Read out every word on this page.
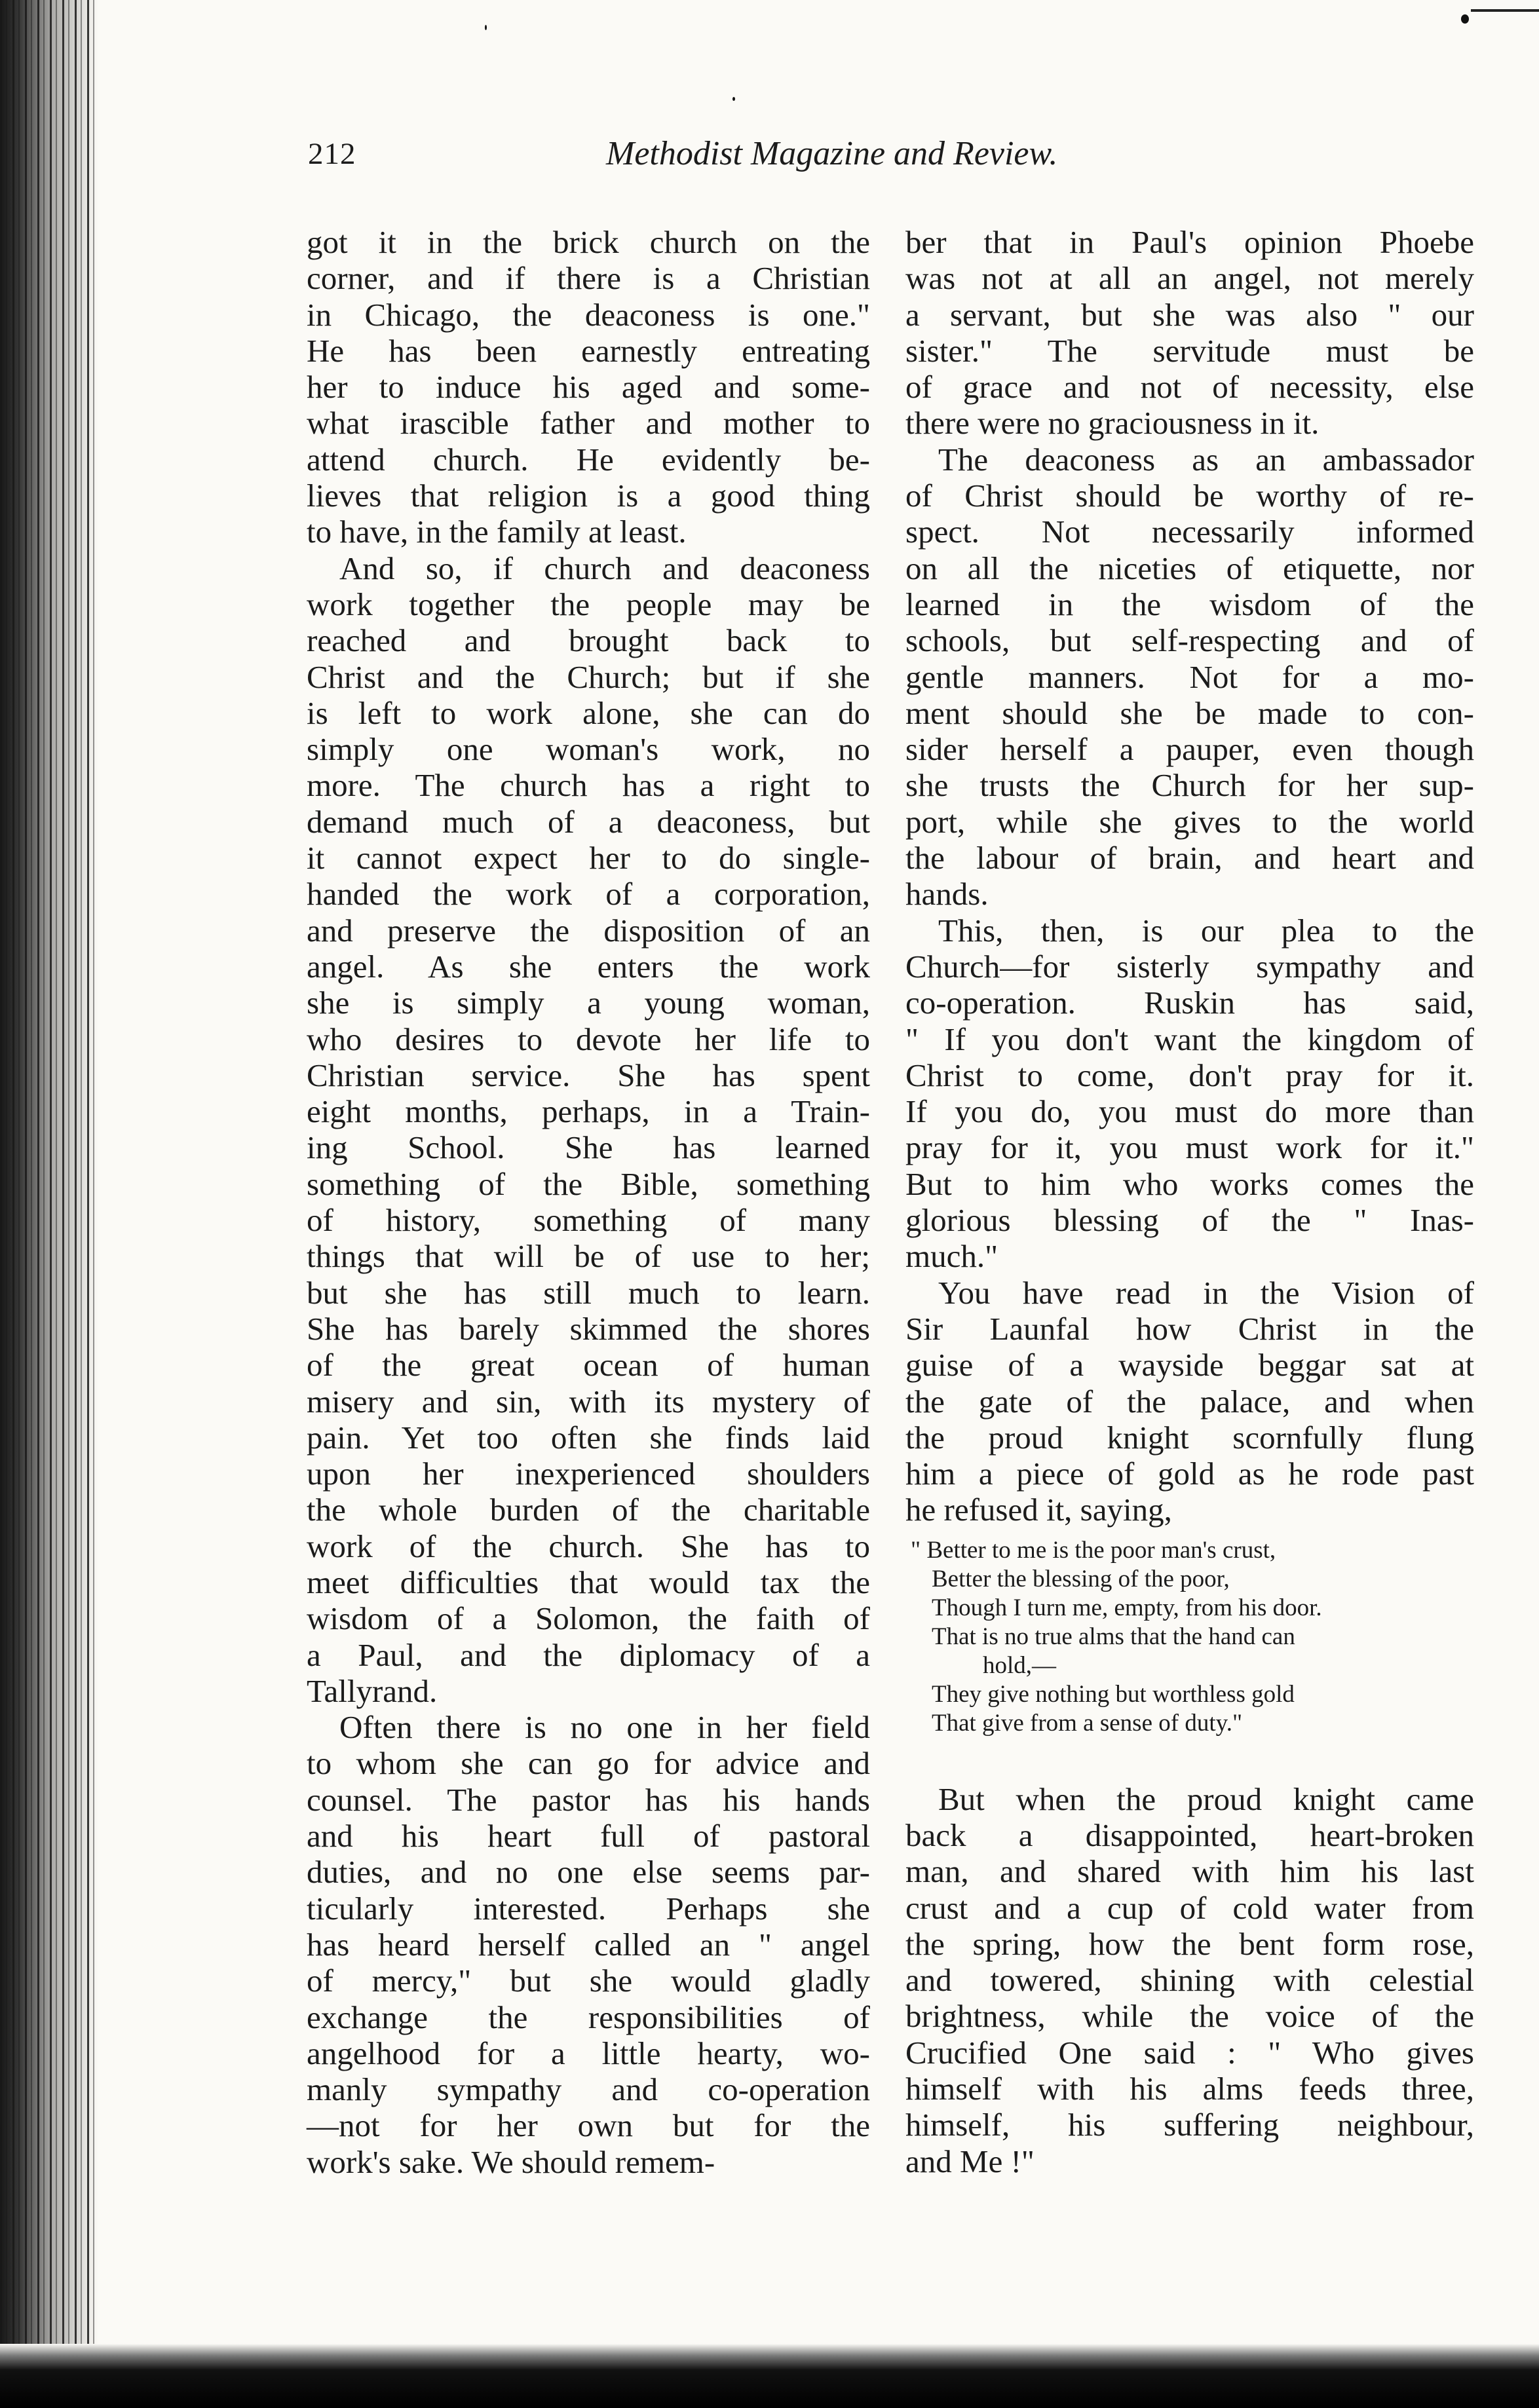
212	Methodist Magazine and Review.
got it in the brick church on the
corner, and if there is a Christian
in Chicago, the deaconess is one."
He has been earnestly entreating
her to induce his aged and some-
what irascible father and mother to
attend church. He evidently be-
lieves that religion is a good thing
to have, in the family at least.
And so, if church and deaconess
work together the people may be
reached and brought back to
Christ and the Church; but if she
is left to work alone, she can do
simply one woman's work, no
more. The church has a right to
demand much of a deaconess, but
it cannot expect her to do single-
handed the work of a corporation,
and preserve the disposition of an
angel. As she enters the work
she is simply a young woman,
who desires to devote her life to
Christian service. She has spent
eight months, perhaps, in a Train-
ing School. She has learned
something of the Bible, something
of history, something of many
things that will be of use to her;
but she has still much to learn.
She has barely skimmed the shores
of the great ocean of human
misery and sin, with its mystery of
pain. Yet too often she finds laid
upon her inexperienced shoulders
the whole burden of the charitable
work of the church. She has to
meet difficulties that would tax the
wisdom of a Solomon, the faith of
a Paul, and the diplomacy of a
Tallyrand.
Often there is no one in her field
to whom she can go for advice and
counsel. The pastor has his hands
and his heart full of pastoral
duties, and no one else seems par-
ticularly interested. Perhaps she
has heard herself called an " angel
of mercy," but she would gladly
exchange the responsibilities of
angelhood for a little hearty, wo-
manly sympathy and co-operation
—not for her own but for the
work's sake. We should remem-
ber that in Paul's opinion Phoebe
was not at all an angel, not merely
a servant, but she was also " our
sister." The servitude must be
of grace and not of necessity, else
there were no graciousness in it.
The deaconess as an ambassador
of Christ should be worthy of re-
spect. Not necessarily informed
on all the niceties of etiquette, nor
learned in the wisdom of the
schools, but self-respecting and of
gentle manners. Not for a mo-
ment should she be made to con-
sider herself a pauper, even though
she trusts the Church for her sup-
port, while she gives to the world
the labour of brain, and heart and
hands.
This, then, is our plea to the
Church—for sisterly sympathy and
co-operation. Ruskin has said,
" If you don't want the kingdom of
Christ to come, don't pray for it.
If you do, you must do more than
pray for it, you must work for it."
But to him who works comes the
glorious blessing of the " Inas-
much."
You have read in the Vision of
Sir Launfal how Christ in the
guise of a wayside beggar sat at
the gate of the palace, and when
the proud knight scornfully flung
him a piece of gold as he rode past
he refused it, saying,
" Better to me is the poor man's crust,
Better the blessing of the poor,
Though I turn me, empty, from his door.
That is no true alms that the hand can
hold,—
They give nothing but worthless gold
That give from a sense of duty."
But when the proud knight came
back a disappointed, heart-broken
man, and shared with him his last
crust and a cup of cold water from
the spring, how the bent form rose,
and towered, shining with celestial
brightness, while the voice of the
Crucified One said : " Who gives
himself with his alms feeds three,
himself, his suffering neighbour,
and Me !"
